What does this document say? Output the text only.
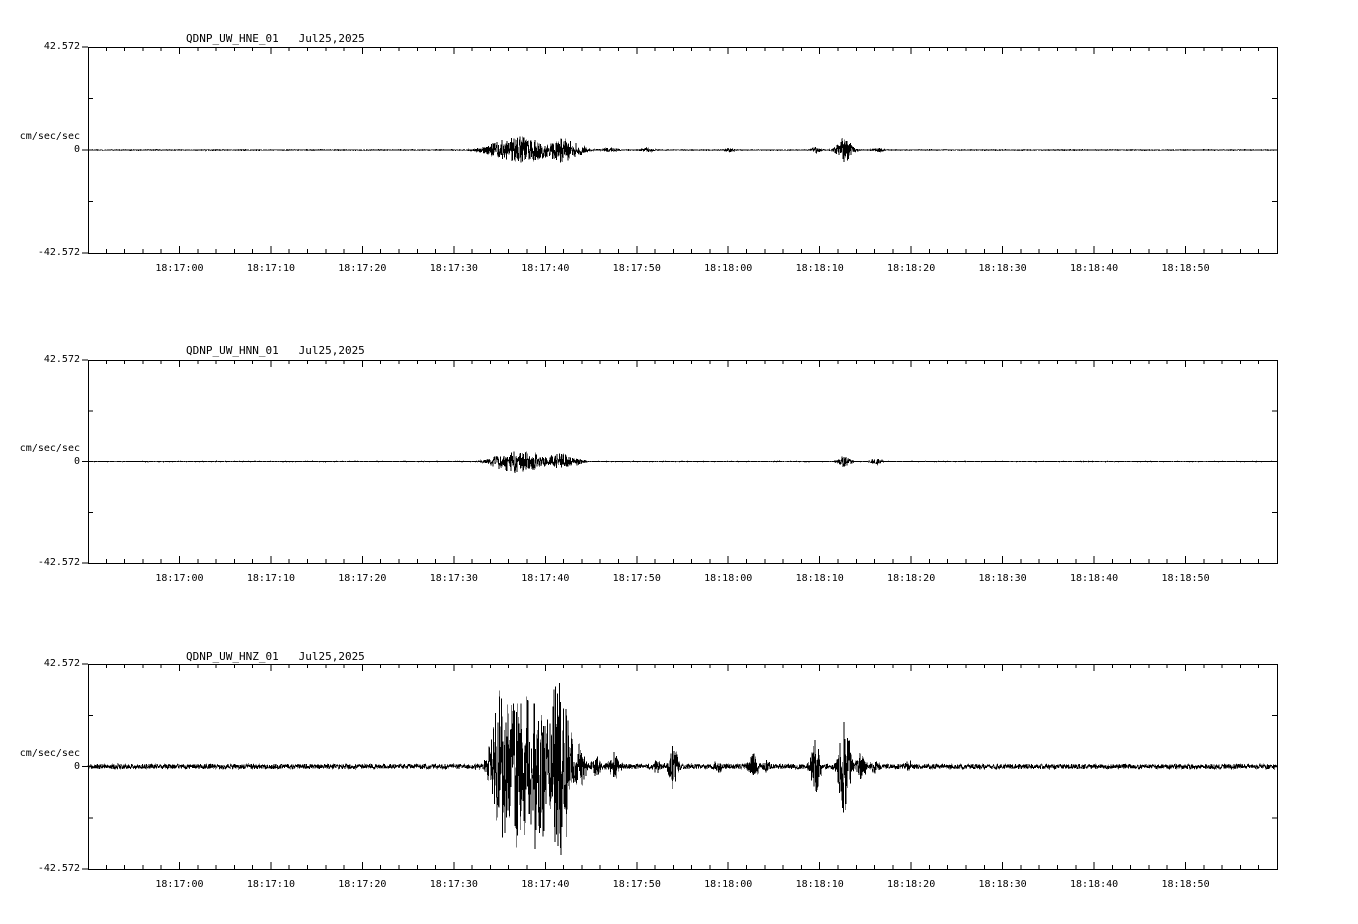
QDNP_UW_HNE_01   Jul25,2025
cm/sec/sec
42.572
0
-42.572
18:17:00	18:17:10	18:17:20	18:17:30	18:17:40	18:17:50	18:18:00	18:18:10	18:18:20	18:18:30	18:18:40	18:18:50
QDNP_UW_HNN_01   Jul25,2025
cm/sec/sec
42.572
0
-42.572
18:17:00	18:17:10	18:17:20	18:17:30	18:17:40	18:17:50	18:18:00	18:18:10	18:18:20	18:18:30	18:18:40	18:18:50
QDNP_UW_HNZ_01   Jul25,2025
cm/sec/sec
42.572
0
-42.572
18:17:00	18:17:10	18:17:20	18:17:30	18:17:40	18:17:50	18:18:00	18:18:10	18:18:20	18:18:30	18:18:40	18:18:50
